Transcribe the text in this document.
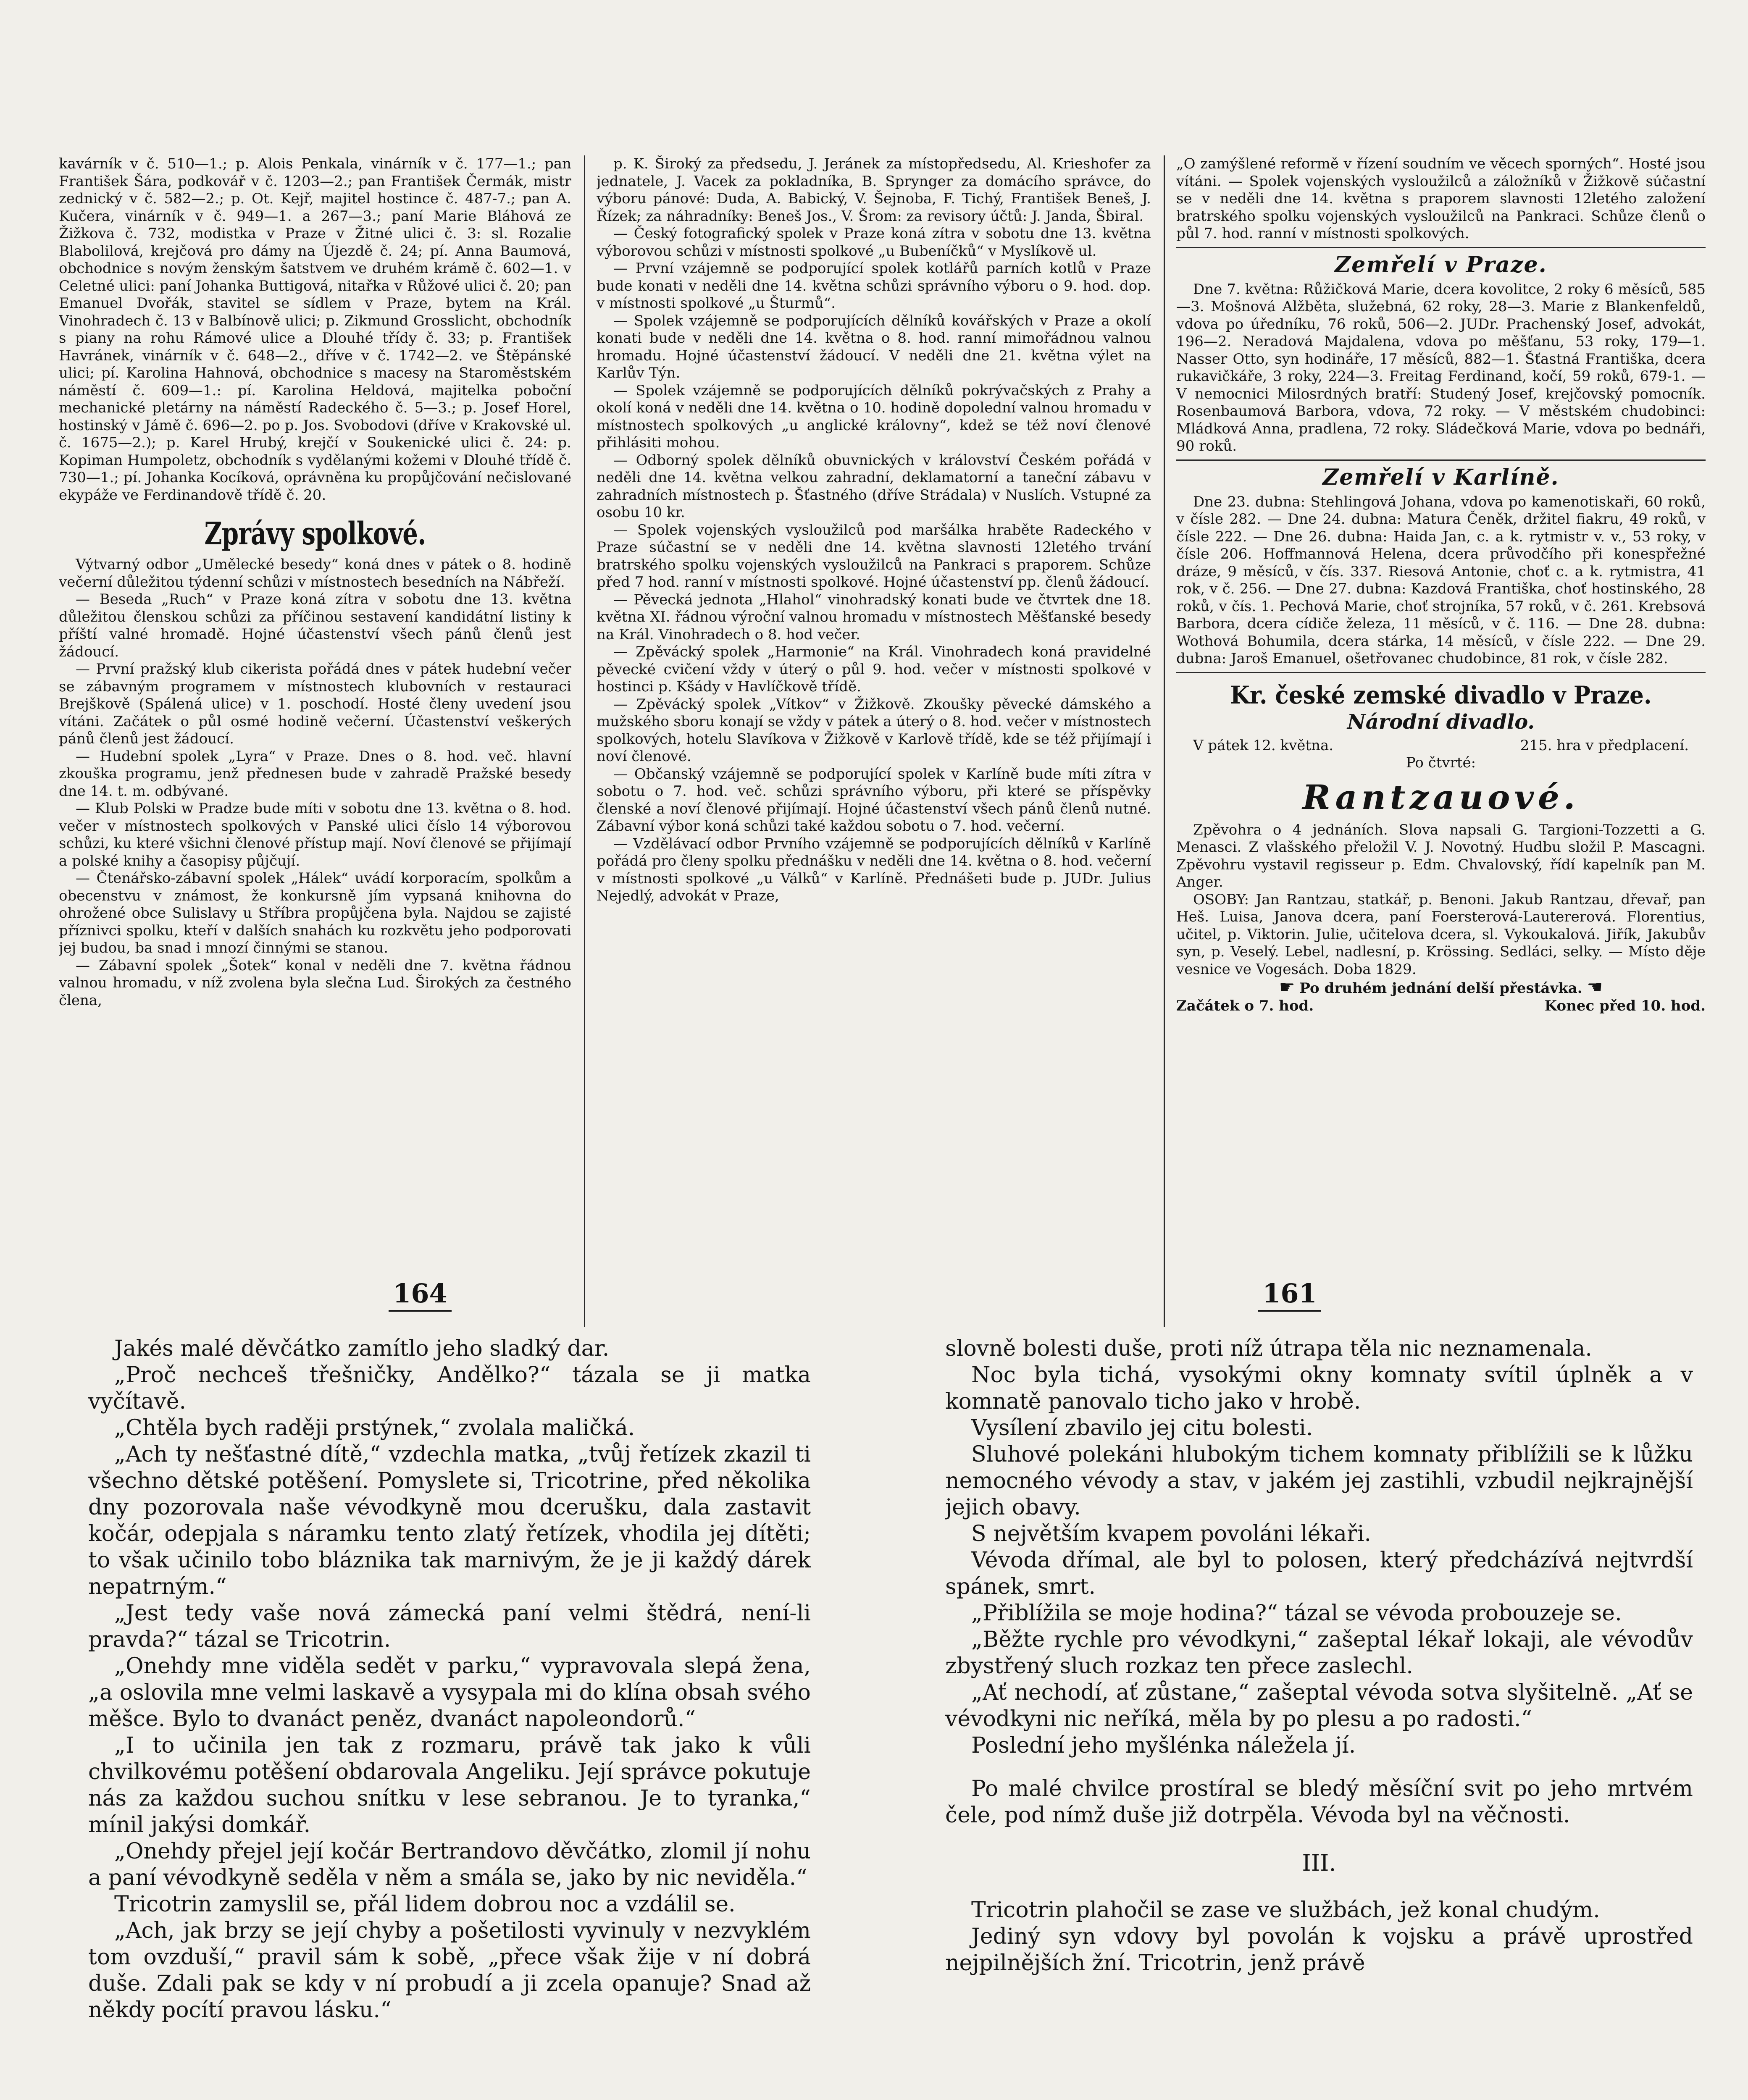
kavárník v č. 510—1.; p. Alois Penkala, vinárník v č. 177—1.; pan František Šára, podkovář v č. 1203—2.; pan František Čermák, mistr zednický v č. 582—2.; p. Ot. Kejř, majitel hostince č. 487-7.; pan A. Kučera, vinárník v č. 949—1. a 267—3.; paní Marie Bláhová ze Žižkova č. 732, modistka v Praze v Žitné ulici č. 3: sl. Rozalie Blabolilová, krejčová pro dámy na Újezdě č. 24; pí. Anna Baumová, obchodnice s novým ženským šatstvem ve druhém krámě č. 602—1. v Celetné ulici: paní Johanka Buttigová, nitařka v Růžové ulici č. 20; pan Emanuel Dvořák, stavitel se sídlem v Praze, bytem na Král. Vinohradech č. 13 v Balbínově ulici; p. Zikmund Grosslicht, obchodník s piany na rohu Rámové ulice a Dlouhé třídy č. 33; p. František Havránek, vinárník v č. 648—2., dříve v č. 1742—2. ve Štěpánské ulici; pí. Karolina Hahnová, obchodnice s macesy na Staroměstském náměstí č. 609—1.: pí. Karolina Heldová, majitelka poboční mechanické pletárny na náměstí Radeckého č. 5—3.; p. Josef Horel, hostinský v Jámě č. 696—2. po p. Jos. Svobodovi (dříve v Krakovské ul. č. 1675—2.); p. Karel Hrubý, krejčí v Soukenické ulici č. 24: p. Kopiman Humpoletz, obchodník s vydělanými kožemi v Dlouhé třídě č. 730—1.; pí. Johanka Kocíková, oprávněna ku propůjčování nečislované ekypáže ve Ferdinandově třídě č. 20.

Zprávy spolkové.

Výtvarný odbor „Umělecké besedy“ koná dnes v pátek o 8. hodině večerní důležitou týdenní schůzi v místnostech besedních na Nábřeží.

— Beseda „Ruch“ v Praze koná zítra v sobotu dne 13. května důležitou členskou schůzi za příčinou sestavení kandidátní listiny k příští valné hromadě. Hojné účastenství všech pánů členů jest žádoucí.

— První pražský klub cikerista pořádá dnes v pátek hudební večer se zábavným programem v místnostech klubovních v restauraci Brejškově (Spálená ulice) v 1. poschodí. Hosté členy uvedení jsou vítáni. Začátek o půl osmé hodině večerní. Účastenství veškerých pánů členů jest žádoucí.

— Hudební spolek „Lyra“ v Praze. Dnes o 8. hod. več. hlavní zkouška programu, jenž přednesen bude v zahradě Pražské besedy dne 14. t. m. odbývané.

— Klub Polski w Pradze bude míti v sobotu dne 13. května o 8. hod. večer v místnostech spolkových v Panské ulici číslo 14 výborovou schůzi, ku které všichni členové přístup mají. Noví členové se přijímají a polské knihy a časopisy půjčují.

— Čtenářsko-zábavní spolek „Hálek“ uvádí korporacím, spolkům a obecenstvu v známost, že konkursně jím vypsaná knihovna do ohrožené obce Sulislavy u Stříbra propůjčena byla. Najdou se zajisté příznivci spolku, kteří v dalších snahách ku rozkvětu jeho podporovati jej budou, ba snad i mnozí činnými se stanou.

— Zábavní spolek „Šotek“ konal v neděli dne 7. května řádnou valnou hromadu, v níž zvolena byla slečna Lud. Širokých za čestného člena,

p. K. Široký za předsedu, J. Jeránek za místopředsedu, Al. Krieshofer za jednatele, J. Vacek za pokladníka, B. Sprynger za domácího správce, do výboru pánové: Duda, A. Babický, V. Šejnoba, F. Tichý, František Beneš, J. Řízek; za náhradníky: Beneš Jos., V. Šrom: za revisory účtů: J. Janda, Šbiral.

— Český fotografický spolek v Praze koná zítra v sobotu dne 13. května výborovou schůzi v místnosti spolkové „u Bubeníčků“ v Myslíkově ul.

— První vzájemně se podporující spolek kotlářů parních kotlů v Praze bude konati v neděli dne 14. května schůzi správního výboru o 9. hod. dop. v místnosti spolkové „u Šturmů“.

— Spolek vzájemně se podporujících dělníků kovářských v Praze a okolí konati bude v neděli dne 14. května o 8. hod. ranní mimořádnou valnou hromadu. Hojné účastenství žádoucí. V neděli dne 21. května výlet na Karlův Týn.

— Spolek vzájemně se podporujících dělníků pokrývačských z Prahy a okolí koná v neděli dne 14. května o 10. hodině dopolední valnou hromadu v místnostech spolkových „u anglické královny“, kdež se též noví členové přihlásiti mohou.

— Odborný spolek dělníků obuvnických v království Českém pořádá v neděli dne 14. května velkou zahradní, deklamatorní a taneční zábavu v zahradních místnostech p. Šťastného (dříve Strádala) v Nuslích. Vstupné za osobu 10 kr.

— Spolek vojenských vysloužilců pod maršálka hraběte Radeckého v Praze súčastní se v neděli dne 14. května slavnosti 12letého trvání bratrského spolku vojenských vysloužilců na Pankraci s praporem. Schůze před 7 hod. ranní v místnosti spolkové. Hojné účastenství pp. členů žádoucí.

— Pěvecká jednota „Hlahol“ vinohradský konati bude ve čtvrtek dne 18. května XI. řádnou výroční valnou hromadu v místnostech Měšťanské besedy na Král. Vinohradech o 8. hod večer.

— Zpěvácký spolek „Harmonie“ na Král. Vinohradech koná pravidelné pěvecké cvičení vždy v úterý o půl 9. hod. večer v místnosti spolkové v hostinci p. Kšády v Havlíčkově třídě.

— Zpěvácký spolek „Vítkov“ v Žižkově. Zkoušky pěvecké dámského a mužského sboru konají se vždy v pátek a úterý o 8. hod. večer v místnostech spolkových, hotelu Slavíkova v Žižkově v Karlově třídě, kde se též přijímají i noví členové.

— Občanský vzájemně se podporující spolek v Karlíně bude míti zítra v sobotu o 7. hod. več. schůzi správního výboru, při které se příspěvky členské a noví členové přijímají. Hojné účastenství všech pánů členů nutné. Zábavní výbor koná schůzi také každou sobotu o 7. hod. večerní.

— Vzdělávací odbor Prvního vzájemně se podporujících dělníků v Karlíně pořádá pro členy spolku přednášku v neděli dne 14. května o 8. hod. večerní v místnosti spolkové „u Válků“ v Karlíně. Přednášeti bude p. JUDr. Julius Nejedlý, advokát v Praze,

„O zamýšlené reformě v řízení soudním ve věcech sporných“. Hosté jsou vítáni. — Spolek vojenských vysloužilců a záložníků v Žižkově súčastní se v neděli dne 14. května s praporem slavnosti 12letého založení bratrského spolku vojenských vysloužilců na Pankraci. Schůze členů o půl 7. hod. ranní v místnosti spolkových.

Zemřelí v Praze.

Dne 7. května: Růžičková Marie, dcera kovolitce, 2 roky 6 měsíců, 585—3. Mošnová Alžběta, služebná, 62 roky, 28—3. Marie z Blankenfeldů, vdova po úředníku, 76 roků, 506—2. JUDr. Prachenský Josef, advokát, 196—2. Neradová Majdalena, vdova po měšťanu, 53 roky, 179—1. Nasser Otto, syn hodináře, 17 měsíců, 882—1. Šťastná Františka, dcera rukavičkáře, 3 roky, 224—3. Freitag Ferdinand, kočí, 59 roků, 679-1. — V nemocnici Milosrdných bratří: Studený Josef, krejčovský pomocník. Rosenbaumová Barbora, vdova, 72 roky. — V městském chudobinci: Mládková Anna, pradlena, 72 roky. Sládečková Marie, vdova po bednáři, 90 roků.

Zemřelí v Karlíně.

Dne 23. dubna: Stehlingová Johana, vdova po kamenotiskaři, 60 roků, v čísle 282. — Dne 24. dubna: Matura Čeněk, držitel fiakru, 49 roků, v čísle 222. — Dne 26. dubna: Haida Jan, c. a k. rytmistr v. v., 53 roky, v čísle 206. Hoffmannová Helena, dcera průvodčího při konespřežné dráze, 9 měsíců, v čís. 337. Riesová Antonie, choť c. a k. rytmistra, 41 rok, v č. 256. — Dne 27. dubna: Kazdová Františka, choť hostinského, 28 roků, v čís. 1. Pechová Marie, choť strojníka, 57 roků, v č. 261. Krebsová Barbora, dcera cídiče železa, 11 měsíců, v č. 116. — Dne 28. dubna: Wothová Bohumila, dcera stárka, 14 měsíců, v čísle 222. — Dne 29. dubna: Jaroš Emanuel, ošetřovanec chudobince, 81 rok, v čísle 282.

Kr. české zemské divadlo v Praze.
Národní divadlo.
V pátek 12. května.	215. hra v předplacení.

Po čtvrté:

Rantzauové.

Zpěvohra o 4 jednáních. Slova napsali G. Targioni-Tozzetti a G. Menasci. Z vlašského přeložil V. J. Novotný. Hudbu složil P. Mascagni. Zpěvohru vystavil regisseur p. Edm. Chvalovský, řídí kapelník pan M. Anger.

OSOBY: Jan Rantzau, statkář, p. Benoni. Jakub Rantzau, dřevař, pan Heš. Luisa, Janova dcera, paní Foersterová-Lautererová. Florentius, učitel, p. Viktorin. Julie, učitelova dcera, sl. Vykoukalová. Jiřík, Jakubův syn, p. Veselý. Lebel, nadlesní, p. Krössing. Sedláci, selky. — Místo děje vesnice ve Vogesách. Doba 1829.

☛ Po druhém jednání delší přestávka. ☚

Začátek o 7. hod.	Konec před 10. hod.
164	161

Jakés malé děvčátko zamítlo jeho sladký dar.

„Proč nechceš třešničky, Andělko?“ tázala se ji matka vyčítavě.

„Chtěla bych raději prstýnek,“ zvolala maličká.

„Ach ty nešťastné dítě,“ vzdechla matka, „tvůj řetízek zkazil ti všechno dětské potěšení. Pomyslete si, Tricotrine, před několika dny pozorovala naše vévodkyně mou dcerušku, dala zastavit kočár, odepjala s náramku tento zlatý řetízek, vhodila jej dítěti; to však učinilo tobo bláznika tak marnivým, že je ji každý dárek nepatrným.“

„Jest tedy vaše nová zámecká paní velmi štědrá, není-li pravda?“ tázal se Tricotrin.

„Onehdy mne viděla sedět v parku,“ vypravovala slepá žena, „a oslovila mne velmi laskavě a vysypala mi do klína obsah svého měšce. Bylo to dvanáct peněz, dvanáct napoleondorů.“

„I to učinila jen tak z rozmaru, právě tak jako k vůli chvilkovému potěšení obdarovala Angeliku. Její správce pokutuje nás za každou suchou snítku v lese sebranou. Je to tyranka,“ mínil jakýsi domkář.

„Onehdy přejel její kočár Bertrandovo děvčátko, zlomil jí nohu a paní vévodkyně seděla v něm a smála se, jako by nic neviděla.“

Tricotrin zamyslil se, přál lidem dobrou noc a vzdálil se.

„Ach, jak brzy se její chyby a pošetilosti vyvinuly v nezvyklém tom ovzduší,“ pravil sám k sobě, „přece však žije v ní dobrá duše. Zdali pak se kdy v ní probudí a ji zcela opanuje? Snad až někdy pocítí pravou lásku.“

slovně bolesti duše, proti níž útrapa těla nic neznamenala.

Noc byla tichá, vysokými okny komnaty svítil úplněk a v komnatě panovalo ticho jako v hrobě.

Vysílení zbavilo jej citu bolesti.

Sluhové polekáni hlubokým tichem komnaty přiblížili se k lůžku nemocného vévody a stav, v jakém jej zastihli, vzbudil nejkrajnější jejich obavy.

S největším kvapem povoláni lékaři.

Vévoda dřímal, ale byl to polosen, který předcházívá nejtvrdší spánek, smrt.

„Přiblížila se moje hodina?“ tázal se vévoda probouzeje se.

„Běžte rychle pro vévodkyni,“ zašeptal lékař lokaji, ale vévodův zbystřený sluch rozkaz ten přece zaslechl.

„Ať nechodí, ať zůstane,“ zašeptal vévoda sotva slyšitelně. „Ať se vévodkyni nic neříká, měla by po plesu a po radosti.“

Poslední jeho myšlénka náležela jí.

Po malé chvilce prostíral se bledý měsíční svit po jeho mrtvém čele, pod nímž duše již dotrpěla. Vévoda byl na věčnosti.

III.

Tricotrin plahočil se zase ve službách, jež konal chudým.

Jediný syn vdovy byl povolán k vojsku a právě uprostřed nejpilnějších žní. Tricotrin, jenž právě
